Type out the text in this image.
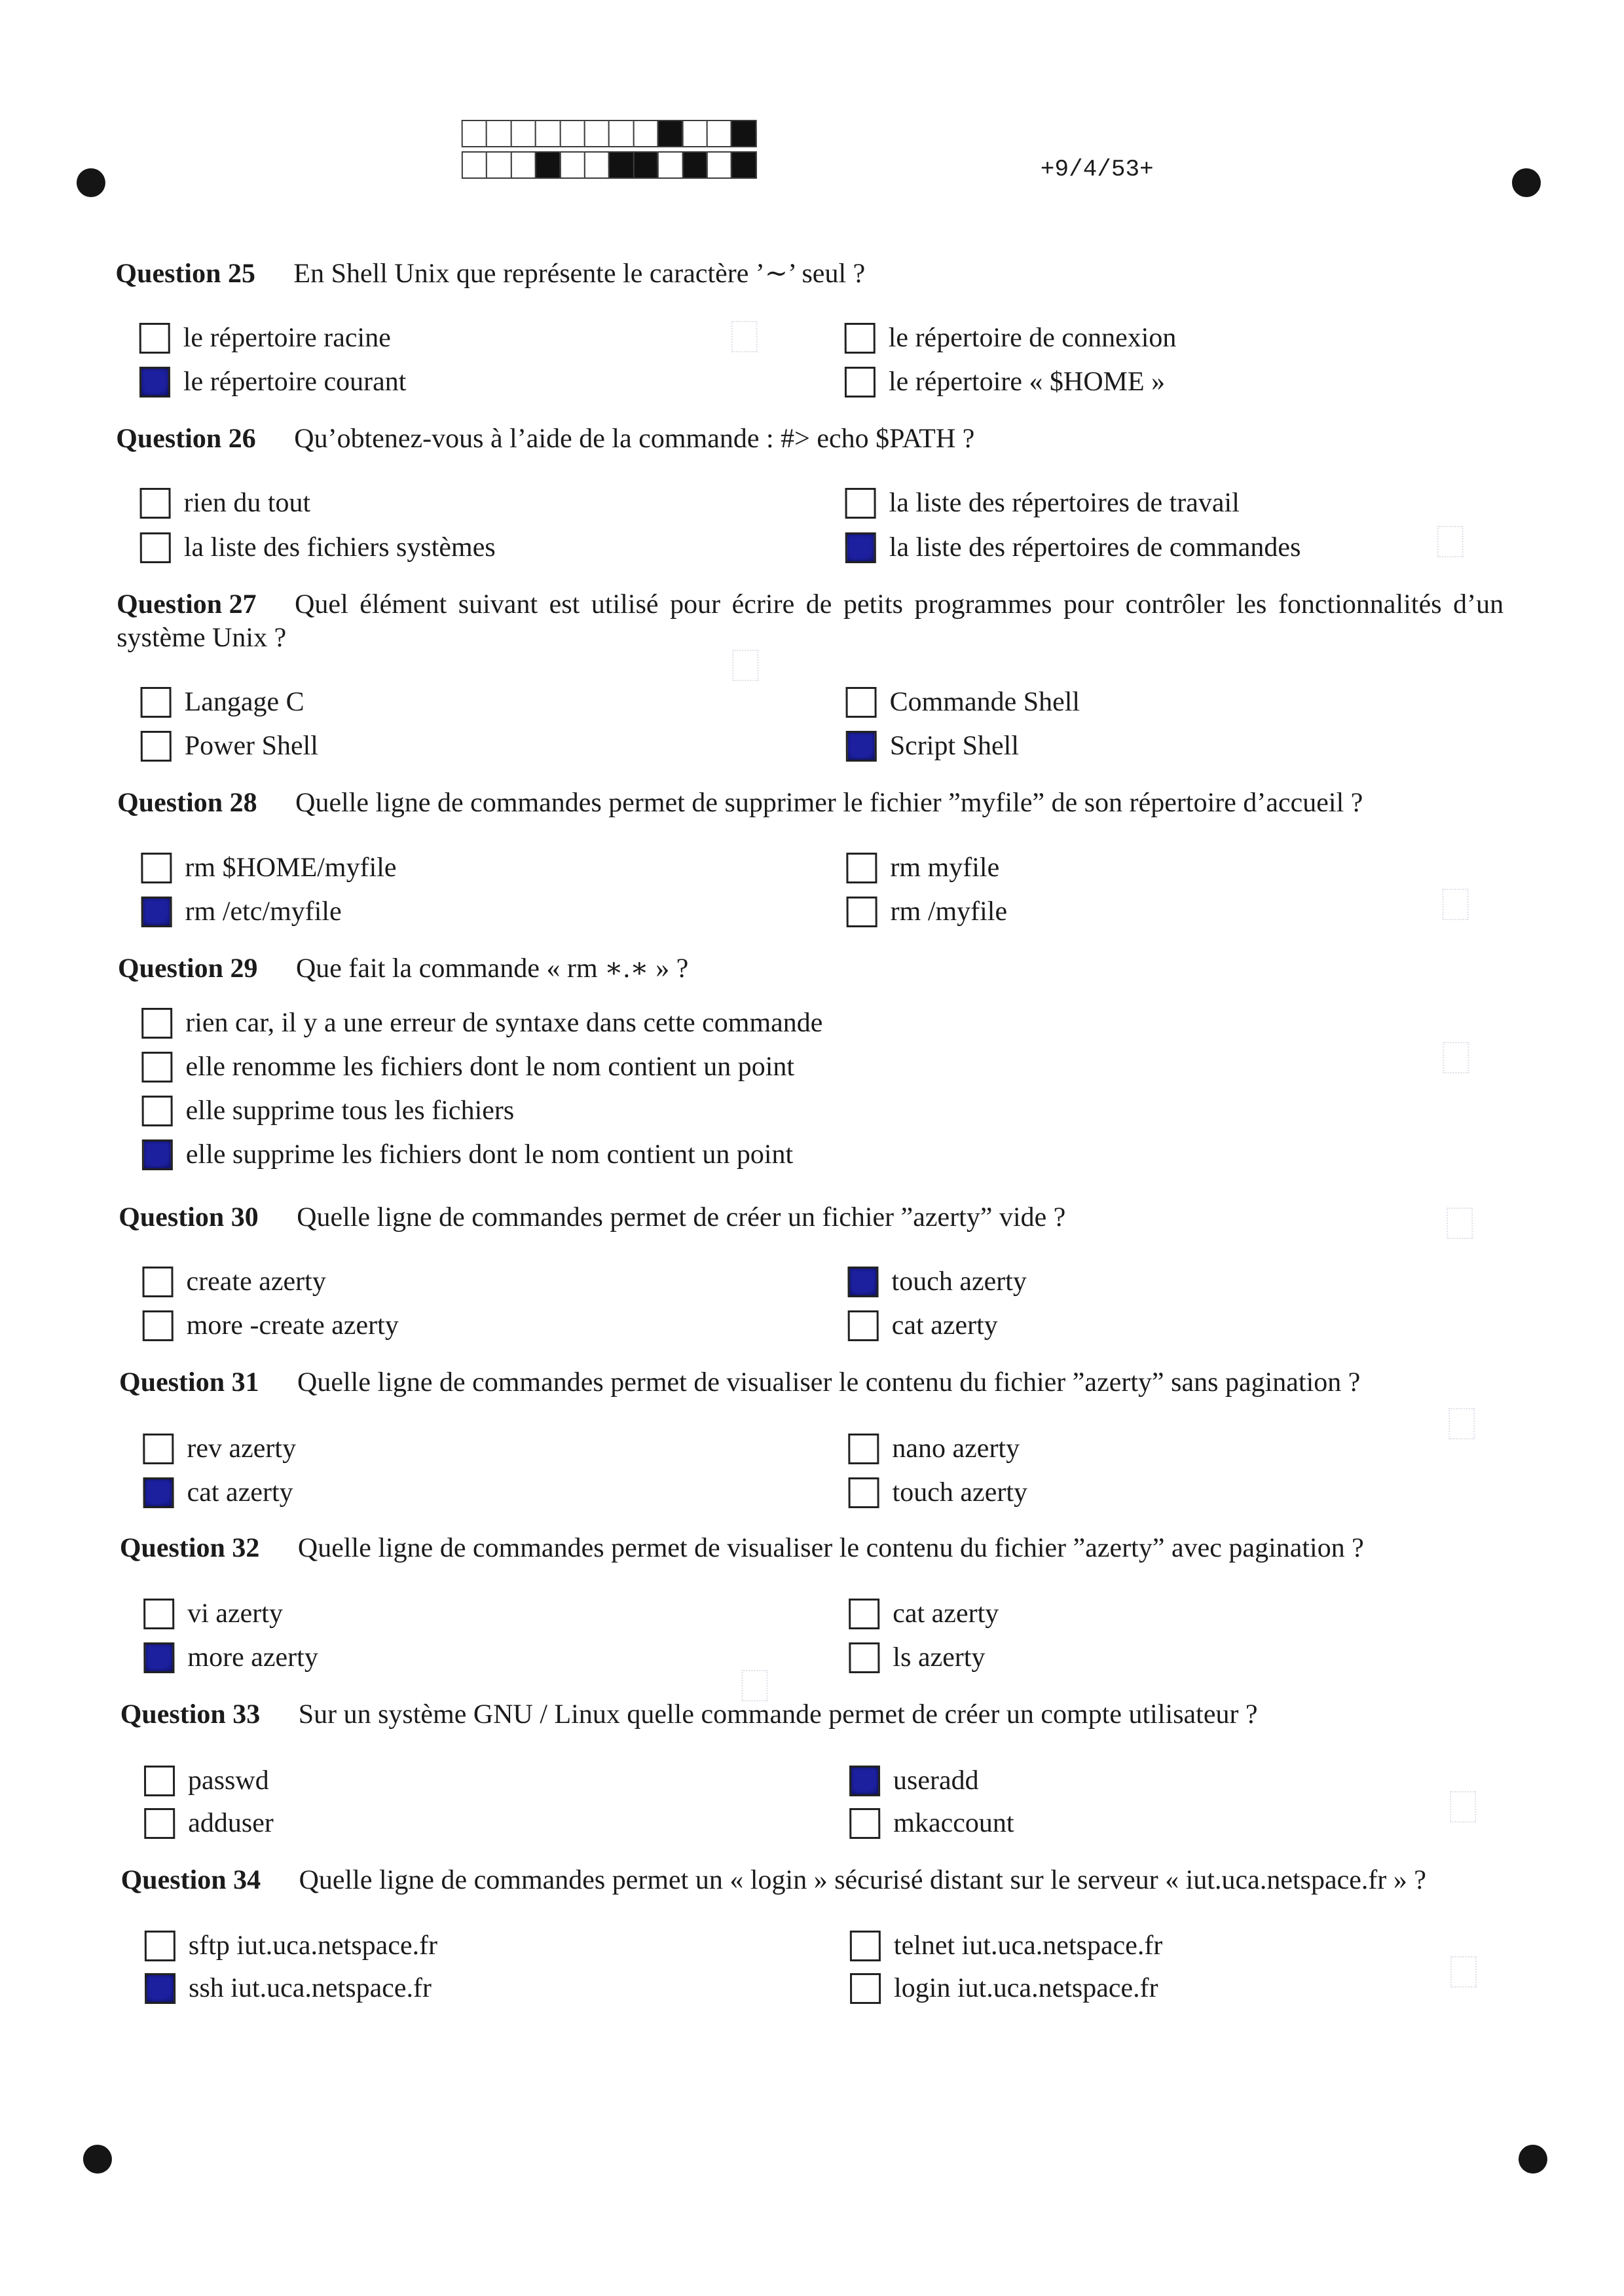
+9/4/53+
Question 25 En Shell Unix que représente le caractère ’∼’ seul ?
le répertoire racine
le répertoire courant
le répertoire de connexion
le répertoire « $HOME »
Question 26 Qu’obtenez-vous à l’aide de la commande : #> echo $PATH ?
rien du tout
la liste des fichiers systèmes
la liste des répertoires de travail
la liste des répertoires de commandes
Question 27 Quel élément suivant est utilisé pour écrire de petits programmes pour contrôler les fonctionnalités d’un système Unix ?
Langage C
Power Shell
Commande Shell
Script Shell
Question 28 Quelle ligne de commandes permet de supprimer le fichier ”myfile” de son répertoire d’accueil ?
rm $HOME/myfile
rm /etc/myfile
rm myfile
rm /myfile
Question 29 Que fait la commande « rm ∗.∗ » ?
rien car, il y a une erreur de syntaxe dans cette commande
elle renomme les fichiers dont le nom contient un point
elle supprime tous les fichiers
elle supprime les fichiers dont le nom contient un point
Question 30 Quelle ligne de commandes permet de créer un fichier ”azerty” vide ?
create azerty
more -create azerty
touch azerty
cat azerty
Question 31 Quelle ligne de commandes permet de visualiser le contenu du fichier ”azerty” sans pagination ?
rev azerty
cat azerty
nano azerty
touch azerty
Question 32 Quelle ligne de commandes permet de visualiser le contenu du fichier ”azerty” avec pagination ?
vi azerty
more azerty
cat azerty
ls azerty
Question 33 Sur un système GNU / Linux quelle commande permet de créer un compte utilisateur ?
passwd
adduser
useradd
mkaccount
Question 34 Quelle ligne de commandes permet un « login » sécurisé distant sur le serveur « iut.uca.netspace.fr » ?
sftp iut.uca.netspace.fr
ssh iut.uca.netspace.fr
telnet iut.uca.netspace.fr
login iut.uca.netspace.fr
